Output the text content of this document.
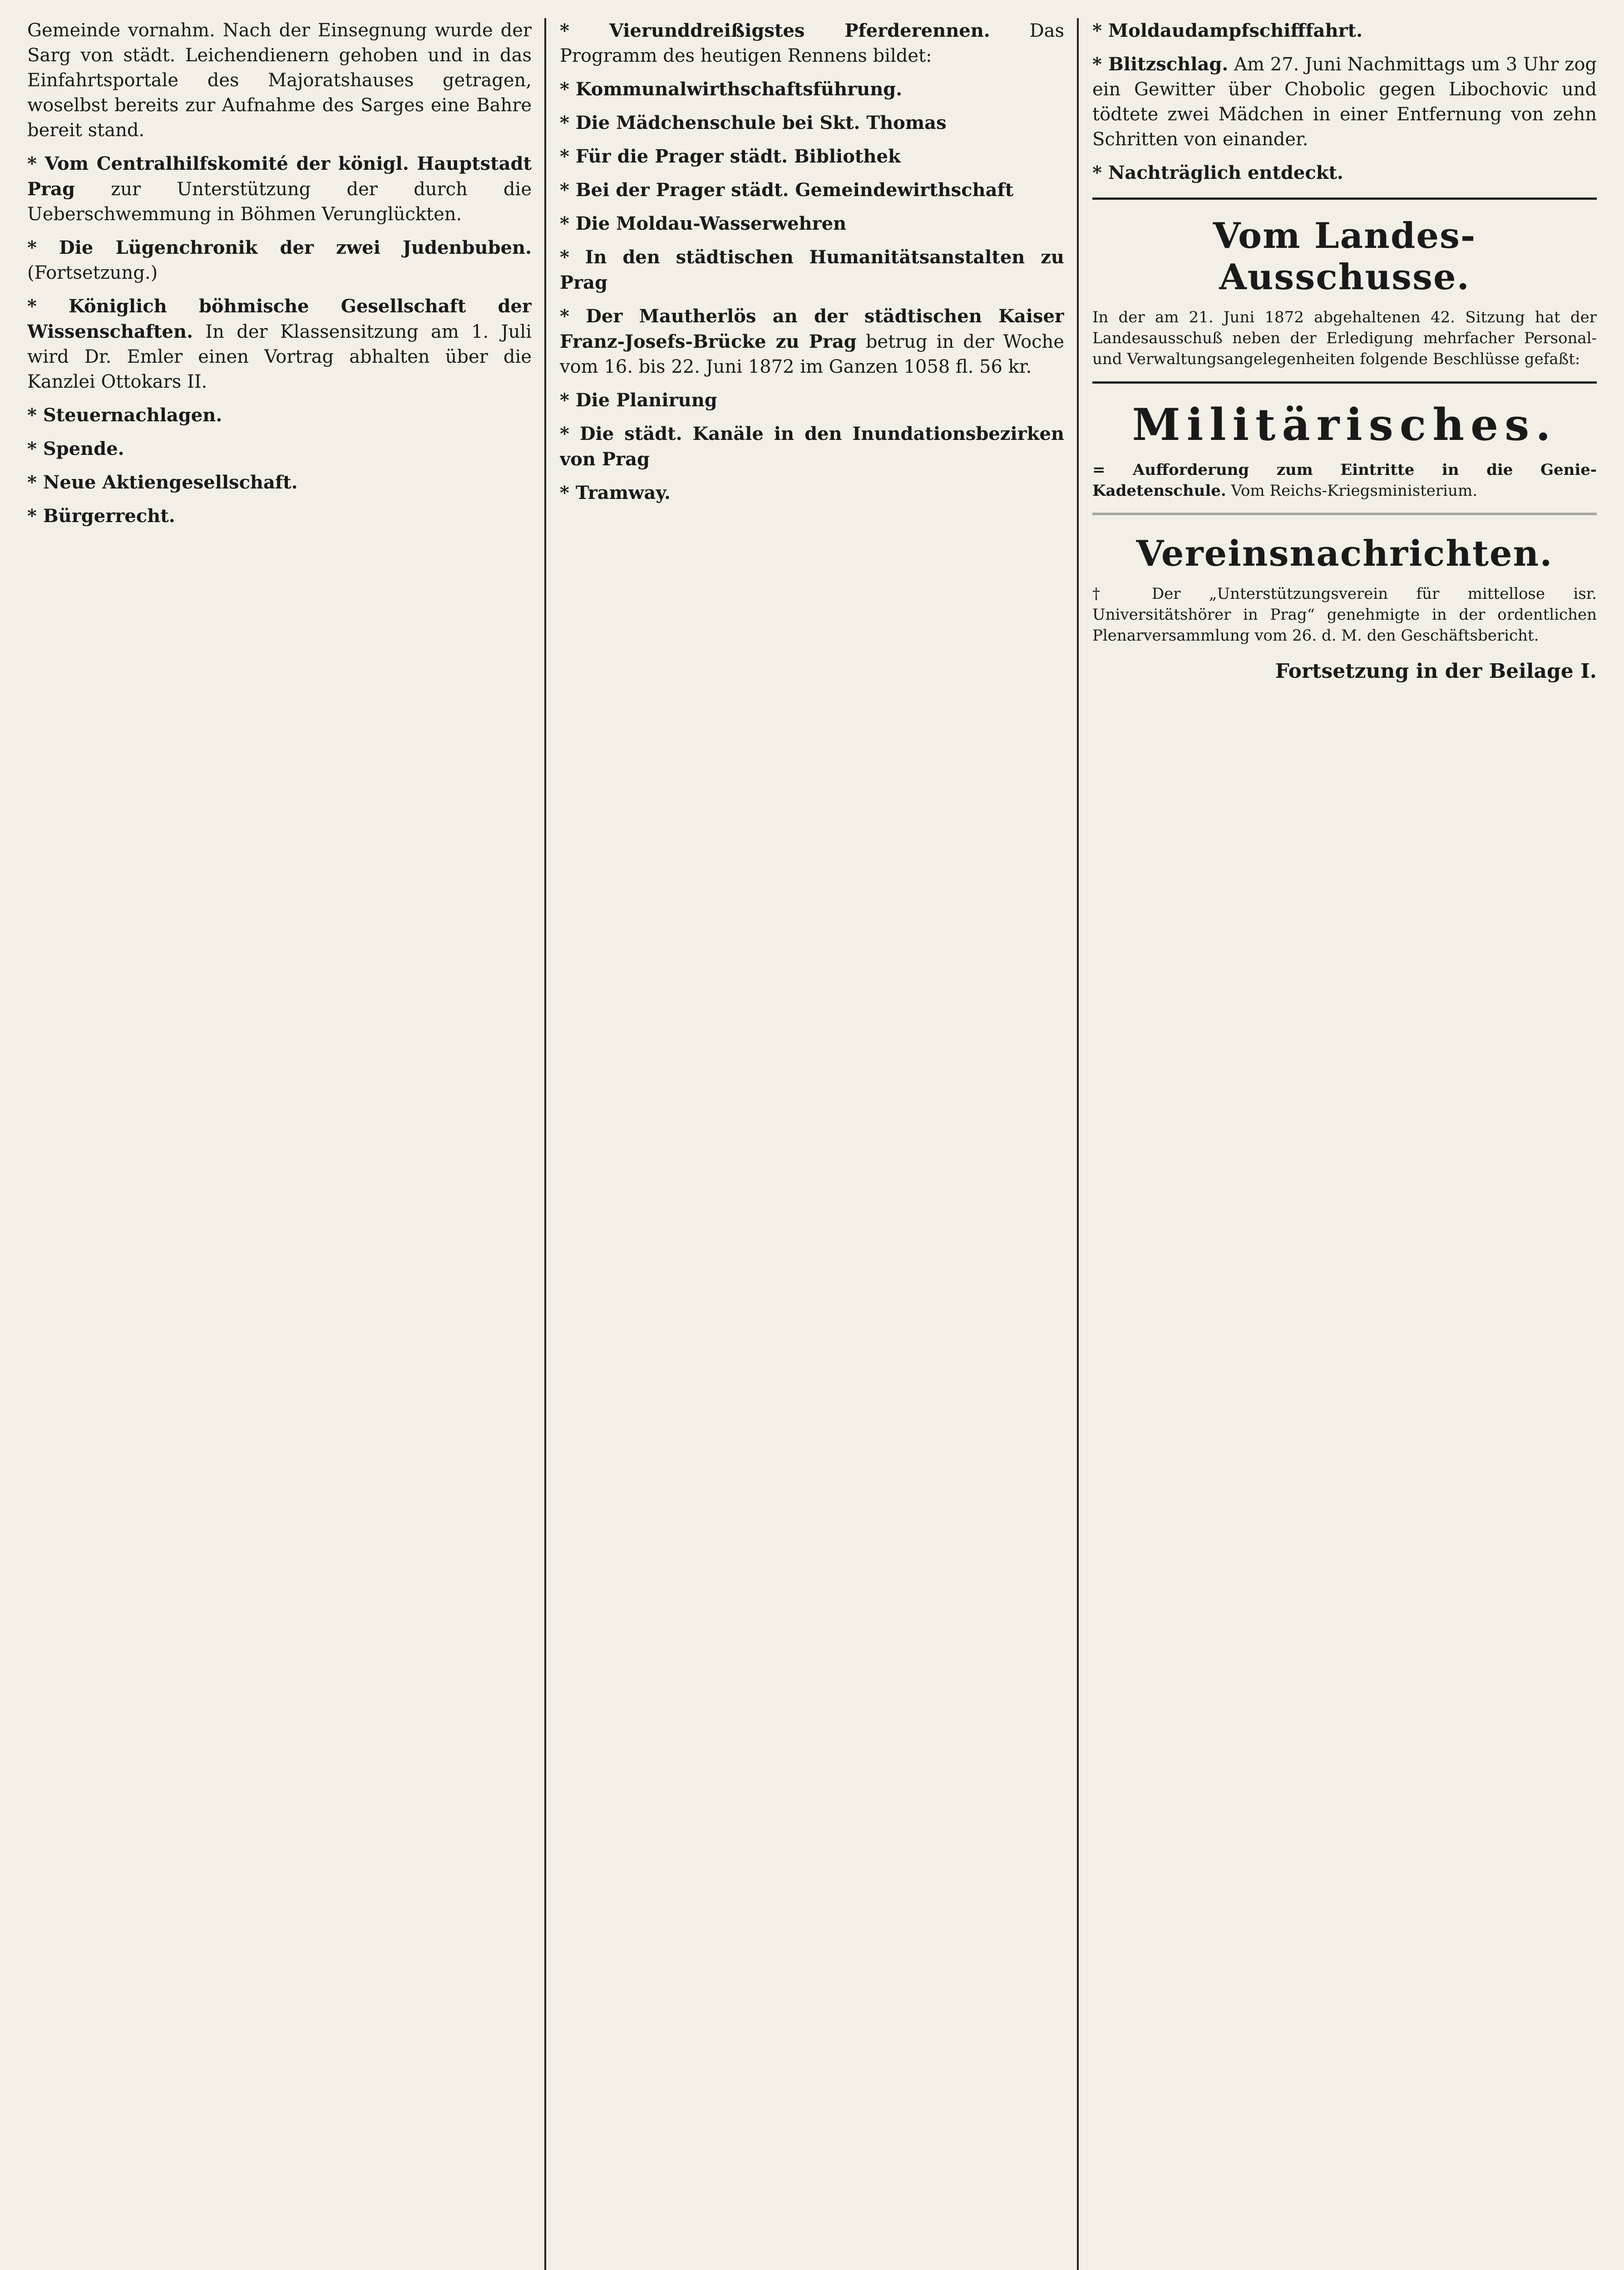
Gemeinde vornahm. Nach der Einsegnung wurde der Sarg von städt. Leichendienern gehoben und in das Einfahrtsportale des Majoratshauses getragen, woselbst bereits zur Aufnahme des Sarges eine Bahre bereit stand.

* Vom Centralhilfskomité der königl. Hauptstadt Prag zur Unterstützung der durch die Ueberschwemmung in Böhmen Verunglückten.

* Die Lügenchronik der zwei Judenbuben. (Fortsetzung.)

* Königlich böhmische Gesellschaft der Wissenschaften. In der Klassensitzung am 1. Juli wird Dr. Emler einen Vortrag abhalten über die Kanzlei Ottokars II.

* Steuernachlagen.

* Spende.

* Neue Aktiengesellschaft.

* Bürgerrecht.

* Vierunddreißigstes Pferderennen. Das Programm des heutigen Rennens bildet:

* Kommunalwirthschaftsführung.

* Die Mädchenschule bei Skt. Thomas

* Für die Prager städt. Bibliothek

* Bei der Prager städt. Gemeindewirthschaft

* Die Moldau-Wasserwehren

* In den städtischen Humanitätsanstalten zu Prag

* Der Mautherlös an der städtischen Kaiser Franz-Josefs-Brücke zu Prag betrug in der Woche vom 16. bis 22. Juni 1872 im Ganzen 1058 fl. 56 kr.

* Die Planirung

* Die städt. Kanäle in den Inundationsbezirken von Prag

* Tramway.

* Moldaudampfschifffahrt.

* Blitzschlag. Am 27. Juni Nachmittags um 3 Uhr zog ein Gewitter über Chobolic gegen Libochovic und tödtete zwei Mädchen in einer Entfernung von zehn Schritten von einander.

* Nachträglich entdeckt.

Vom Landes-Ausschusse.

In der am 21. Juni 1872 abgehaltenen 42. Sitzung hat der Landesausschuß neben der Erledigung mehrfacher Personal- und Verwaltungsangelegenheiten folgende Beschlüsse gefaßt:

Militärisches.

= Aufforderung zum Eintritte in die Genie-Kadetenschule. Vom Reichs-Kriegsministerium.

Vereinsnachrichten.

† Der „Unterstützungsverein für mittellose isr. Universitätshörer in Prag“ genehmigte in der ordentlichen Plenarversammlung vom 26. d. M. den Geschäftsbericht.

Fortsetzung in der Beilage I.
